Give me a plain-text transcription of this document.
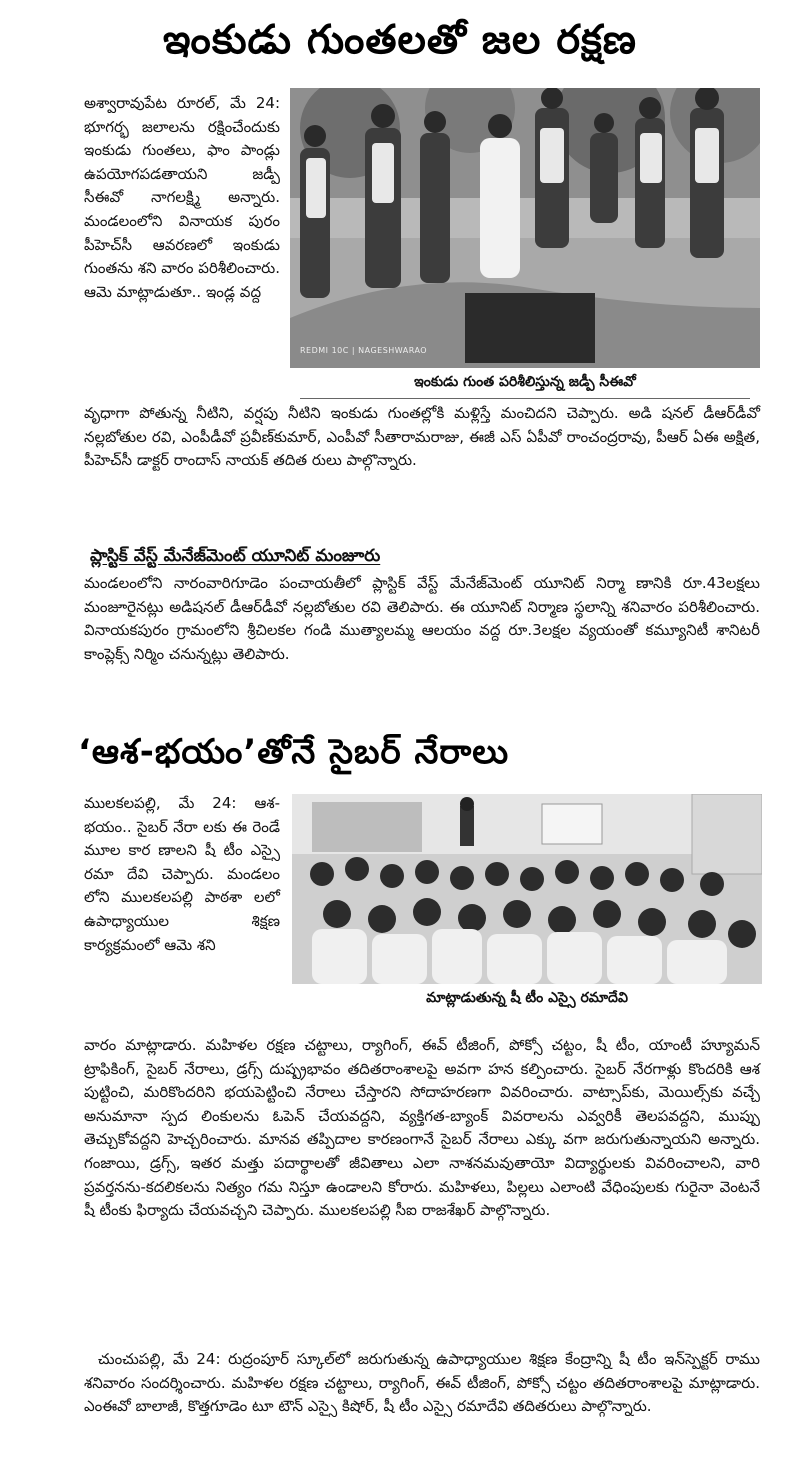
ఇంకుడు గుంతలతో జల రక్షణ

అశ్వారావుపేట రూరల్, మే 24: భూగర్భ జలాలను రక్షించేందుకు ఇంకుడు గుంతలు, ఫాం పాండ్లు ఉపయోగపడతాయని జడ్పీ సీఈవో నాగలక్ష్మి అన్నారు. మండలంలోని వినాయక పురం పీహెచ్‌సీ ఆవరణలో ఇంకుడు గుంతను శని వారం పరిశీలించారు. ఆమె మాట్లాడుతూ.. ఇండ్ల వద్ద

REDMI 10C | NAGESHWARAO
ఇంకుడు గుంత పరిశీలిస్తున్న జడ్పీ సీఈవో

వృధాగా పోతున్న నీటిని, వర్షపు నీటిని ఇంకుడు గుంతల్లోకి మళ్లిస్తే మంచిదని చెప్పారు. అడి షనల్ డీఆర్‌డీవో నల్లబోతుల రవి, ఎంపీడీవో ప్రవీణ్‌కుమార్, ఎంపీవో సీతారామరాజు, ఈజీ ఎస్ ఏపీవో రాంచంద్రరావు, పీఆర్ ఏఈ అక్షిత, పీహెచ్‌సీ డాక్టర్ రాందాస్ నాయక్ తదిత రులు పాల్గొన్నారు.

ప్లాస్టిక్ వేస్ట్ మేనేజ్‌మెంట్ యూనిట్ మంజూరు

మండలంలోని నారంవారిగూడెం పంచాయతీలో ప్లాస్టిక్ వేస్ట్ మేనేజ్‌మెంట్ యూనిట్ నిర్మా ణానికి రూ.43లక్షలు మంజూరైనట్లు అడిషనల్ డీఆర్‌డీవో నల్లబోతుల రవి తెలిపారు. ఈ యూనిట్ నిర్మాణ స్థలాన్ని శనివారం పరిశీలించారు. వినాయకపురం గ్రామంలోని శ్రీచిలకల గండి ముత్యాలమ్మ ఆలయం వద్ద రూ.3లక్షల వ్యయంతో కమ్యూనిటీ శానిటరీ కాంప్లెక్స్ నిర్మిం చనున్నట్లు తెలిపారు.

‘ఆశ-భయం’తోనే సైబర్ నేరాలు

ములకలపల్లి, మే 24: ఆశ-భయం.. సైబర్ నేరా లకు ఈ రెండే మూల కార ణాలని షీ టీం ఎస్సై రమా దేవి చెప్పారు. మండలం లోని ములకలపల్లి పాఠశా లలో ఉపాధ్యాయుల శిక్షణ కార్యక్రమంలో ఆమె శని

మాట్లాడుతున్న షీ టీం ఎస్సై రమాదేవి

వారం మాట్లాడారు. మహిళల రక్షణ చట్టాలు, ర్యాగింగ్, ఈవ్ టీజింగ్, పోక్సో చట్టం, షీ టీం, యాంటీ హ్యూమన్ ట్రాఫికింగ్, సైబర్ నేరాలు, డ్రగ్స్ దుష్ప్రభావం తదితరాంశాలపై అవగా హన కల్పించారు. సైబర్ నేరగాళ్లు కొందరికి ఆశ పుట్టించి, మరికొందరిని భయపెట్టించి నేరాలు చేస్తారని సోదాహరణగా వివరించారు. వాట్సాప్‌కు, మెయిల్స్‌కు వచ్చే అనుమానా స్పద లింకులను ఓపెన్ చేయవద్దని, వ్యక్తిగత-బ్యాంక్ వివరాలను ఎవ్వరికీ తెలపవద్దని, ముప్పు తెచ్చుకోవద్దని హెచ్చరించారు. మానవ తప్పిదాల కారణంగానే సైబర్ నేరాలు ఎక్కు వగా జరుగుతున్నాయని అన్నారు. గంజాయి, డ్రగ్స్, ఇతర మత్తు పదార్థాలతో జీవితాలు ఎలా నాశనమవుతాయో విద్యార్థులకు వివరించాలని, వారి ప్రవర్తనను-కదలికలను నిత్యం గమ నిస్తూ ఉండాలని కోరారు. మహిళలు, పిల్లలు ఎలాంటి వేధింపులకు గురైనా వెంటనే షీ టీంకు ఫిర్యాదు చేయవచ్చని చెప్పారు. ములకలపల్లి సీఐ రాజశేఖర్ పాల్గొన్నారు.

చుంచుపల్లి, మే 24: రుద్రంపూర్ స్కూల్‌లో జరుగుతున్న ఉపాధ్యాయుల శిక్షణ కేంద్రాన్ని షీ టీం ఇన్‌స్పెక్టర్ రాము శనివారం సందర్శించారు. మహిళల రక్షణ చట్టాలు, ర్యాగింగ్, ఈవ్ టీజింగ్, పోక్సో చట్టం తదితరాంశాలపై మాట్లాడారు. ఎంఈవో బాలాజీ, కొత్తగూడెం టూ టౌన్ ఎస్సై కిషోర్, షీ టీం ఎస్సై రమాదేవి తదితరులు పాల్గొన్నారు.
